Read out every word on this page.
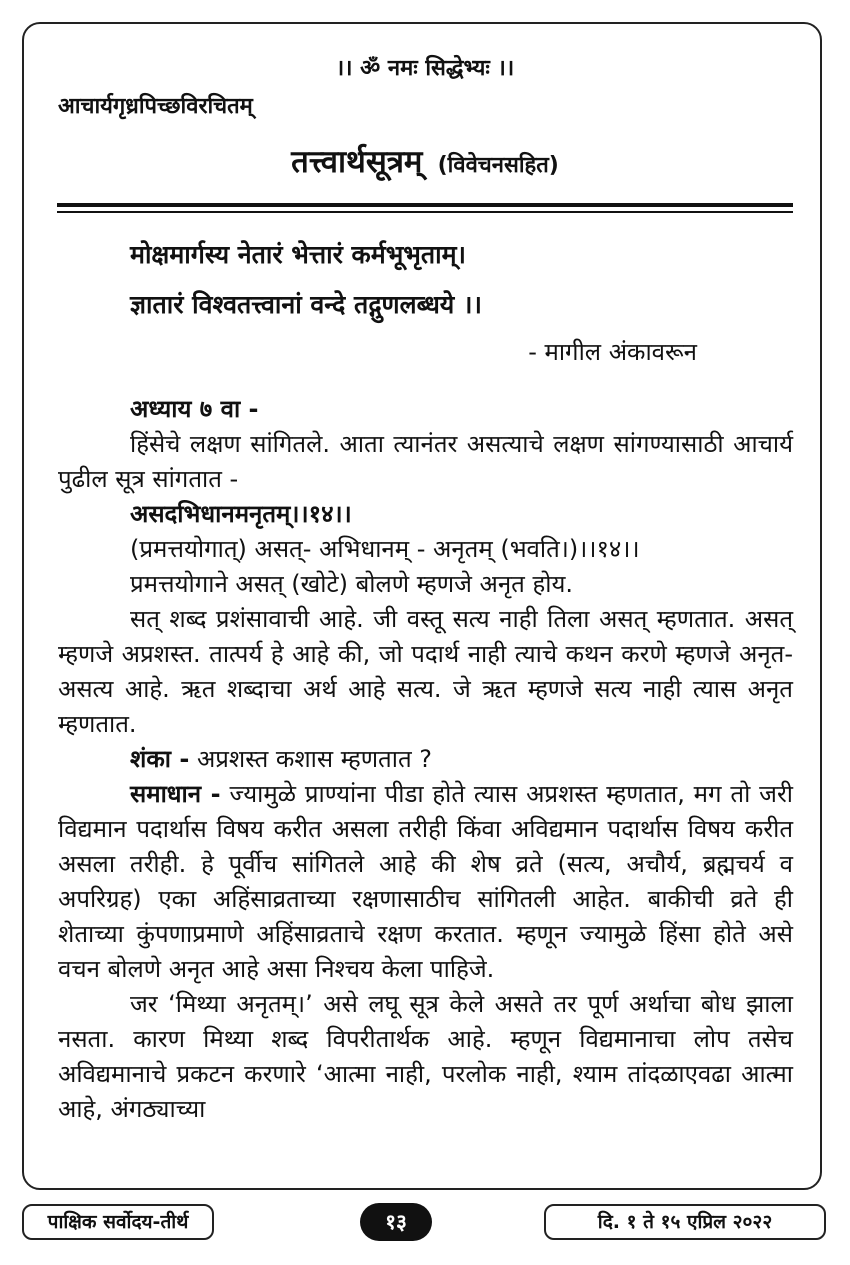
।। ॐ नमः सिद्धेभ्यः ।।
आचार्यगृध्रपिच्छविरचितम्
तत्त्वार्थसूत्रम् (विवेचनसहित)

मोक्षमार्गस्य नेतारं भेत्तारं कर्मभूभृताम्।

ज्ञातारं विश्वतत्त्वानां वन्दे तद्गुणलब्धये ।।

- मागील अंकावरून

अध्याय ७ वा -

हिंसेचे लक्षण सांगितले. आता त्यानंतर असत्याचे लक्षण सांगण्यासाठी आचार्य पुढील सूत्र सांगतात -

असदभिधानमनृतम्।।१४।।

(प्रमत्तयोगात्) असत्- अभिधानम् - अनृतम् (भवति।)।।१४।।

प्रमत्तयोगाने असत् (खोटे) बोलणे म्हणजे अनृत होय.

सत् शब्द प्रशंसावाची आहे. जी वस्तू सत्य नाही तिला असत् म्हणतात. असत् म्हणजे अप्रशस्त. तात्पर्य हे आहे की, जो पदार्थ नाही त्याचे कथन करणे म्हणजे अनृत- असत्य आहे. ऋत शब्दाचा अर्थ आहे सत्य. जे ऋत म्हणजे सत्य नाही त्यास अनृत म्हणतात.

शंका - अप्रशस्त कशास म्हणतात ?

समाधान - ज्यामुळे प्राण्यांना पीडा होते त्यास अप्रशस्त म्हणतात, मग तो जरी विद्यमान पदार्थास विषय करीत असला तरीही किंवा अविद्यमान पदार्थास विषय करीत असला तरीही. हे पूर्वीच सांगितले आहे की शेष व्रते (सत्य, अचौर्य, ब्रह्मचर्य व अपरिग्रह) एका अहिंसाव्रताच्या रक्षणासाठीच सांगितली आहेत. बाकीची व्रते ही शेताच्या कुंपणाप्रमाणे अहिंसाव्रताचे रक्षण करतात. म्हणून ज्यामुळे हिंसा होते असे वचन बोलणे अनृत आहे असा निश्चय केला पाहिजे.

जर ‘मिथ्या अनृतम्।’ असे लघू सूत्र केले असते तर पूर्ण अर्थाचा बोध झाला नसता. कारण मिथ्या शब्द विपरीतार्थक आहे. म्हणून विद्यमानाचा लोप तसेच अविद्यमानाचे प्रकटन करणारे ‘आत्मा नाही, परलोक नाही, श्याम तांदळाएवढा आत्मा आहे, अंगठ्याच्या

पाक्षिक सर्वोदय-तीर्थ	१३	दि. १ ते १५ एप्रिल २०२२
